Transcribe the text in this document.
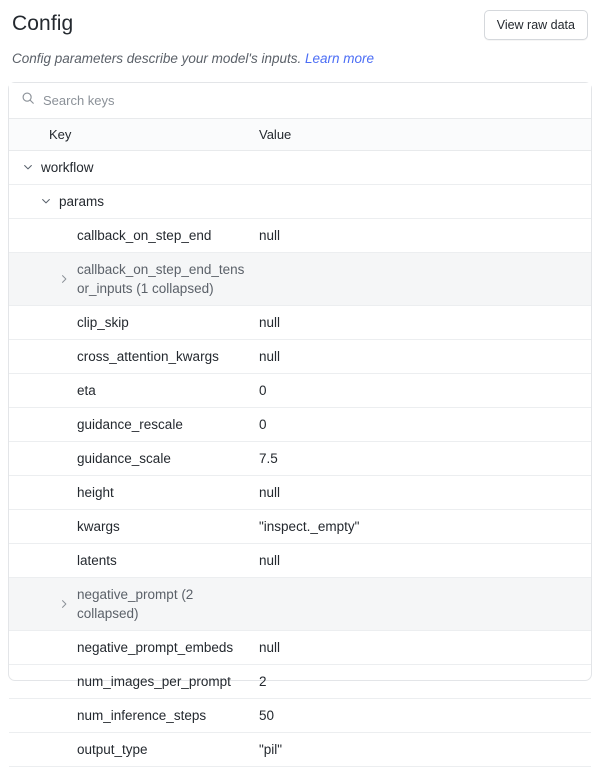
Config	View raw data
Config parameters describe your model's inputs. Learn more
Search keys
Key	Value

workflow	

params	

callback_on_step_end	null

callback_on_step_end_tensor_inputs (1 collapsed)	

clip_skip	null

cross_attention_kwargs	null

eta	0

guidance_rescale	0

guidance_scale	7.5

height	null

kwargs	"inspect._empty"

latents	null

negative_prompt (2 collapsed)	

negative_prompt_embeds	null

num_images_per_prompt	2

num_inference_steps	50

output_type	"pil"
